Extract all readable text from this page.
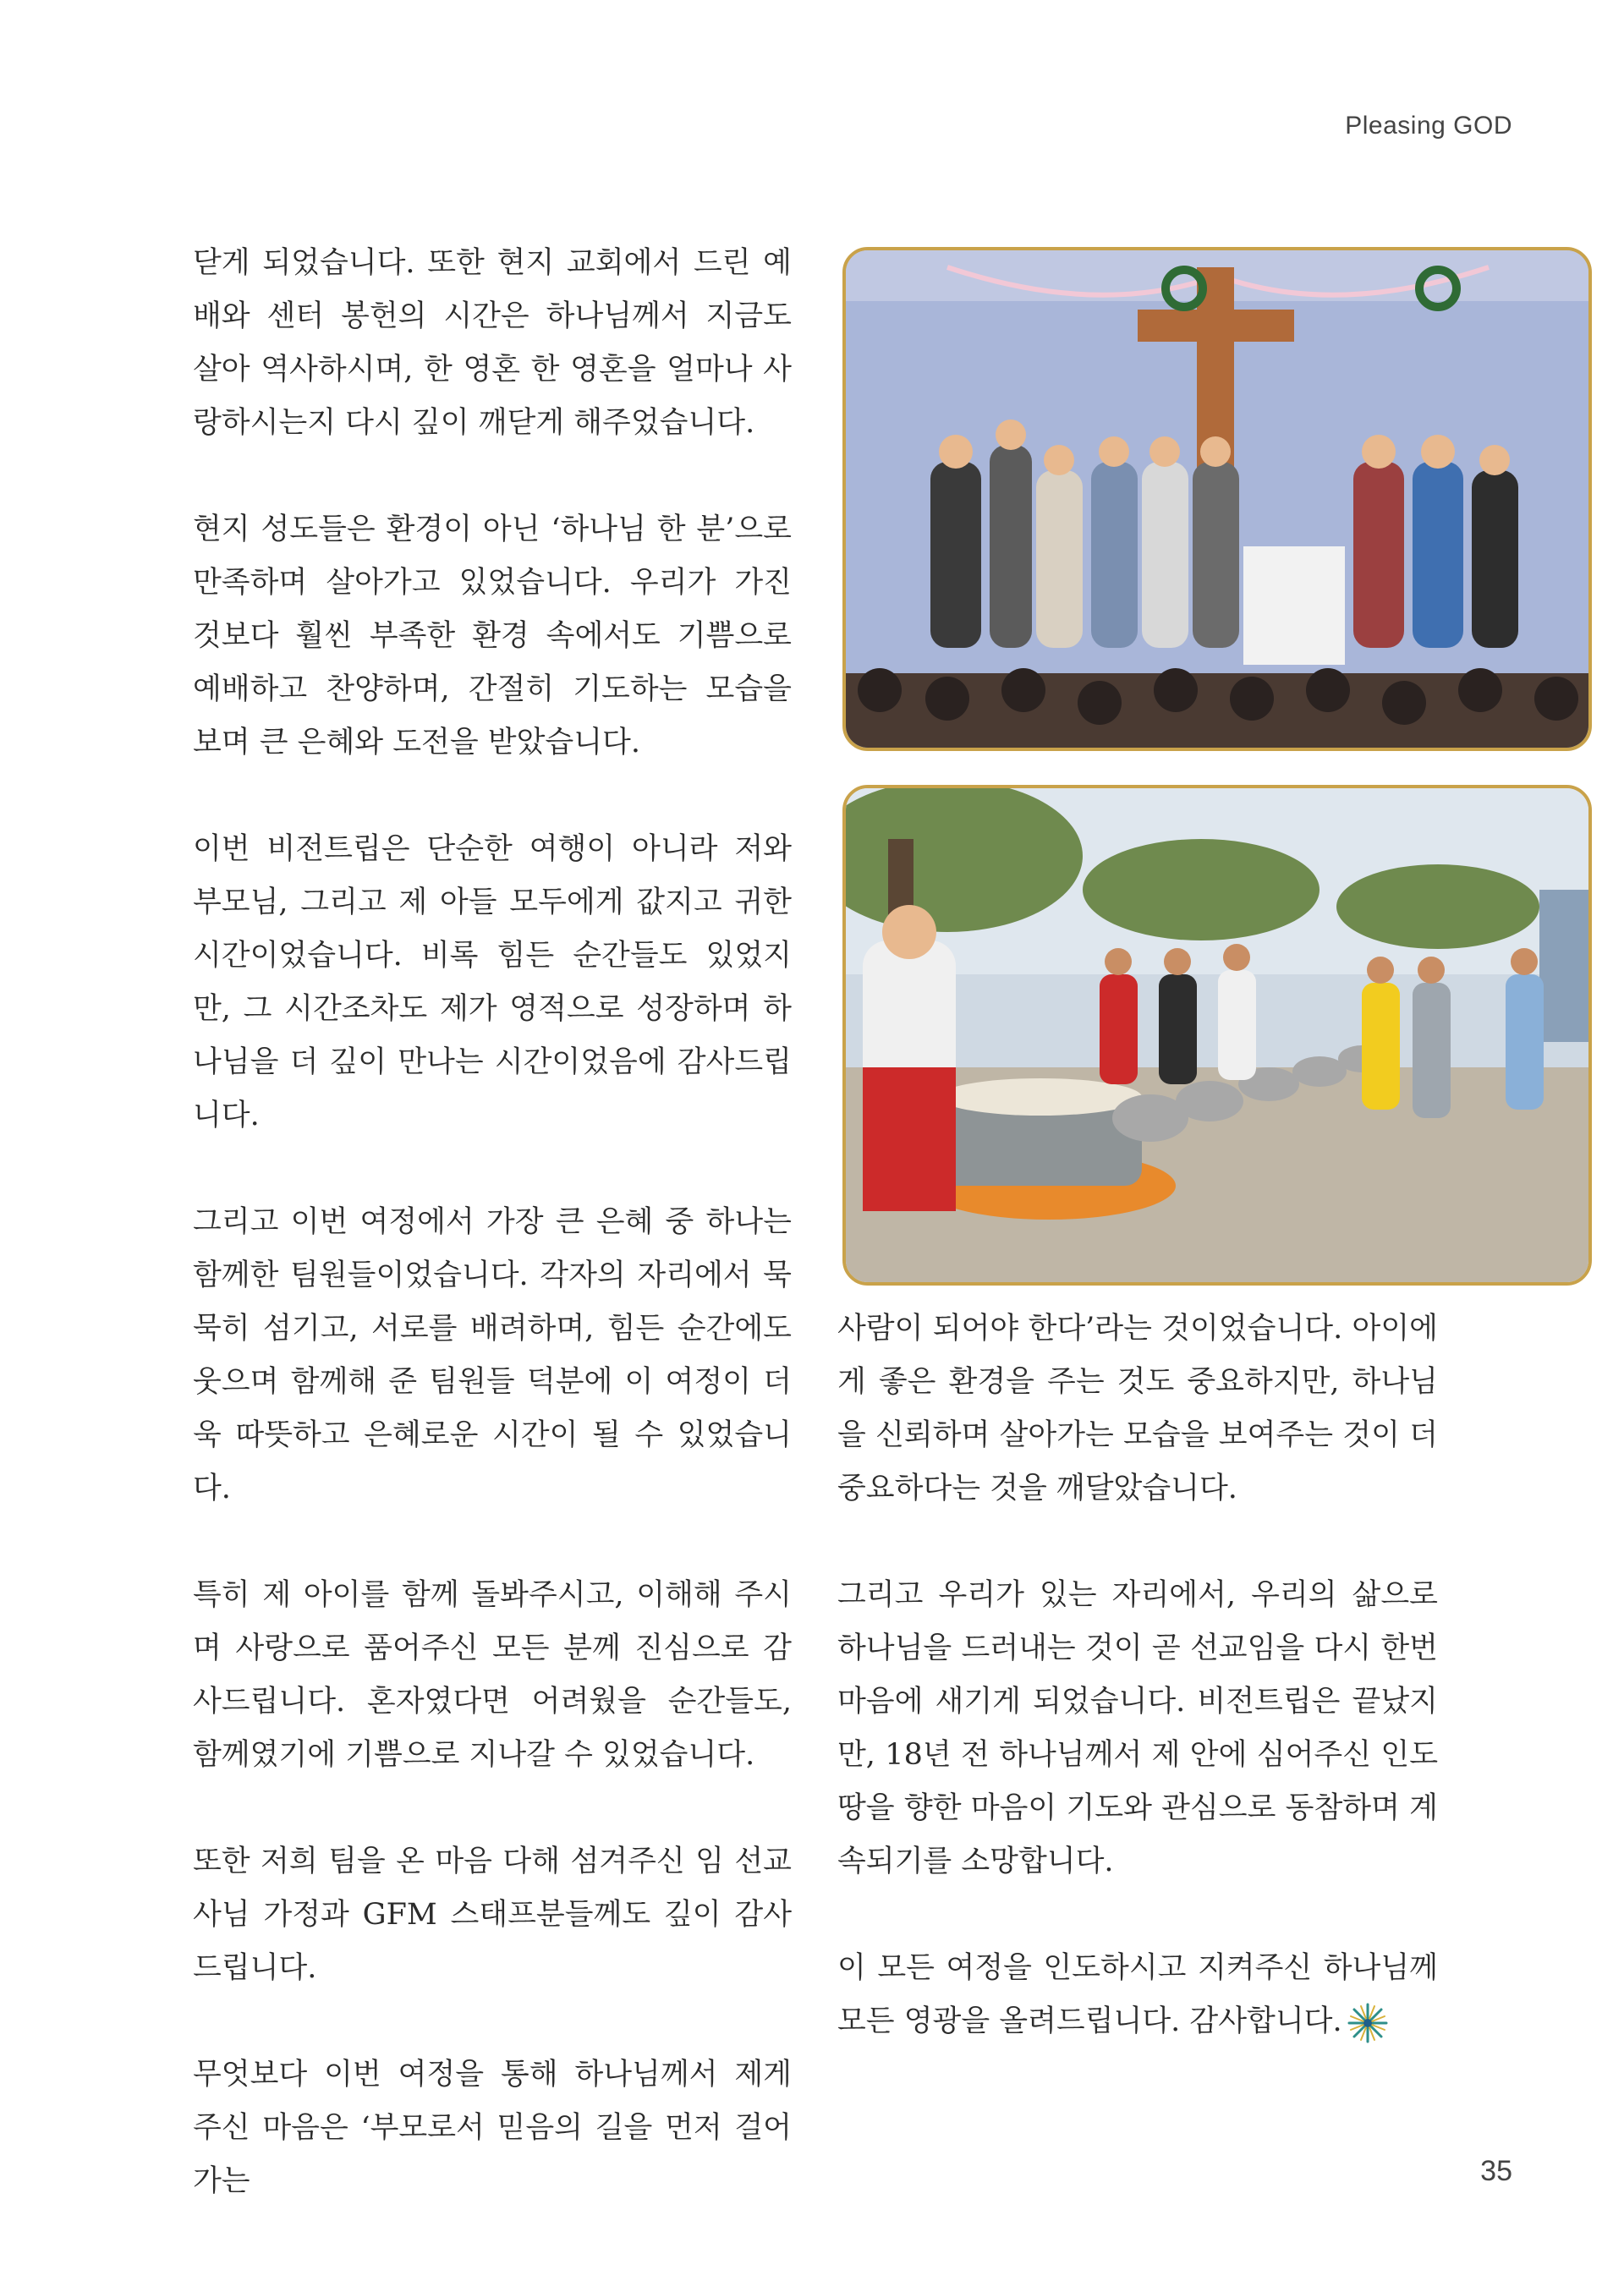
Pleasing GOD

닫게 되었습니다. 또한 현지 교회에서 드린 예배와 센터 봉헌의 시간은 하나님께서 지금도 살아 역사하시며, 한 영혼 한 영혼을 얼마나 사랑하시는지 다시 깊이 깨닫게 해주었습니다.

현지 성도들은 환경이 아닌 ‘하나님 한 분’으로 만족하며 살아가고 있었습니다. 우리가 가진 것보다 훨씬 부족한 환경 속에서도 기쁨으로 예배하고 찬양하며, 간절히 기도하는 모습을 보며 큰 은혜와 도전을 받았습니다.

이번 비전트립은 단순한 여행이 아니라 저와 부모님, 그리고 제 아들 모두에게 값지고 귀한 시간이었습니다. 비록 힘든 순간들도 있었지만, 그 시간조차도 제가 영적으로 성장하며 하나님을 더 깊이 만나는 시간이었음에 감사드립니다.

그리고 이번 여정에서 가장 큰 은혜 중 하나는 함께한 팀원들이었습니다. 각자의 자리에서 묵묵히 섬기고, 서로를 배려하며, 힘든 순간에도 웃으며 함께해 준 팀원들 덕분에 이 여정이 더욱 따뜻하고 은혜로운 시간이 될 수 있었습니다.

특히 제 아이를 함께 돌봐주시고, 이해해 주시며 사랑으로 품어주신 모든 분께 진심으로 감사드립니다. 혼자였다면 어려웠을 순간들도, 함께였기에 기쁨으로 지나갈 수 있었습니다.

또한 저희 팀을 온 마음 다해 섬겨주신 임 선교사님 가정과 GFM 스태프분들께도 깊이 감사드립니다.

무엇보다 이번 여정을 통해 하나님께서 제게 주신 마음은 ‘부모로서 믿음의 길을 먼저 걸어가는

사람이 되어야 한다’라는 것이었습니다. 아이에게 좋은 환경을 주는 것도 중요하지만, 하나님을 신뢰하며 살아가는 모습을 보여주는 것이 더 중요하다는 것을 깨달았습니다.

그리고 우리가 있는 자리에서, 우리의 삶으로 하나님을 드러내는 것이 곧 선교임을 다시 한번 마음에 새기게 되었습니다. 비전트립은 끝났지만, 18년 전 하나님께서 제 안에 심어주신 인도 땅을 향한 마음이 기도와 관심으로 동참하며 계속되기를 소망합니다.

이 모든 여정을 인도하시고 지켜주신 하나님께 모든 영광을 올려드립니다. 감사합니다.

35
